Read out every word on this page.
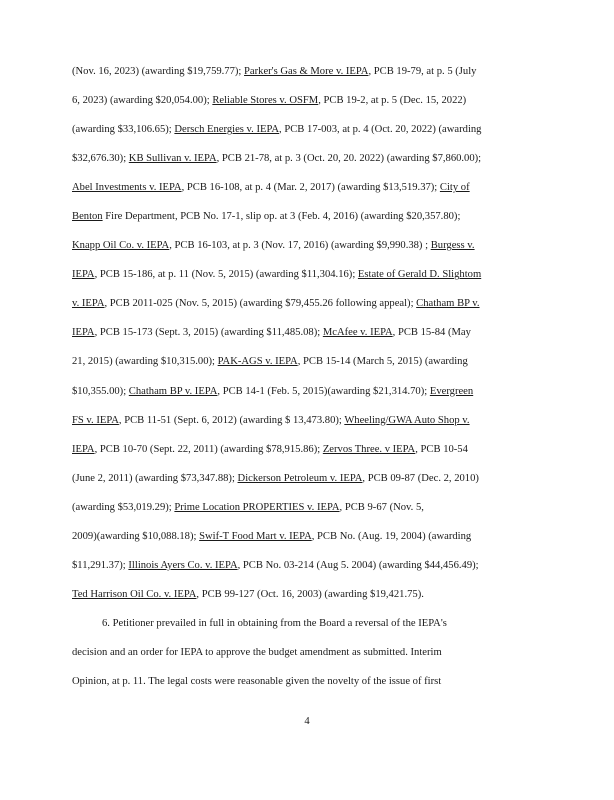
(Nov. 16, 2023) (awarding $19,759.77); Parker's Gas & More v. IEPA, PCB 19-79, at p. 5 (July
6, 2023) (awarding $20,054.00); Reliable Stores v. OSFM, PCB 19-2, at p. 5 (Dec. 15, 2022)
(awarding $33,106.65); Dersch Energies v. IEPA, PCB 17-003, at p. 4 (Oct. 20, 2022) (awarding
$32,676.30); KB Sullivan v. IEPA, PCB 21-78, at p. 3 (Oct. 20, 20. 2022) (awarding $7,860.00);
Abel Investments v. IEPA, PCB 16-108, at p. 4 (Mar. 2, 2017) (awarding $13,519.37); City of
Benton Fire Department, PCB No. 17-1, slip op. at 3 (Feb. 4, 2016) (awarding $20,357.80);
Knapp Oil Co. v. IEPA, PCB 16-103, at p. 3 (Nov. 17, 2016) (awarding $9,990.38) ; Burgess v.
IEPA, PCB 15-186, at p. 11 (Nov. 5, 2015) (awarding $11,304.16); Estate of Gerald D. Slightom
v. IEPA, PCB 2011-025 (Nov. 5, 2015) (awarding $79,455.26 following appeal); Chatham BP v.
IEPA, PCB 15-173 (Sept. 3, 2015) (awarding $11,485.08); McAfee v. IEPA, PCB 15-84 (May
21, 2015) (awarding $10,315.00); PAK-AGS v. IEPA, PCB 15-14 (March 5, 2015) (awarding
$10,355.00); Chatham BP v. IEPA, PCB 14-1 (Feb. 5, 2015)(awarding $21,314.70); Evergreen
FS v. IEPA, PCB 11-51 (Sept. 6, 2012) (awarding $ 13,473.80); Wheeling/GWA Auto Shop v.
IEPA, PCB 10-70 (Sept. 22, 2011) (awarding $78,915.86); Zervos Three. v IEPA, PCB 10-54
(June 2, 2011) (awarding $73,347.88); Dickerson Petroleum v. IEPA, PCB 09-87 (Dec. 2, 2010)
(awarding $53,019.29); Prime Location PROPERTIES v. IEPA, PCB 9-67 (Nov. 5,
2009)(awarding $10,088.18); Swif-T Food Mart v. IEPA, PCB No. (Aug. 19, 2004) (awarding
$11,291.37); Illinois Ayers Co. v. IEPA, PCB No. 03-214 (Aug 5. 2004) (awarding $44,456.49);
Ted Harrison Oil Co. v. IEPA, PCB 99-127 (Oct. 16, 2003) (awarding $19,421.75).
6. Petitioner prevailed in full in obtaining from the Board a reversal of the IEPA's
decision and an order for IEPA to approve the budget amendment as submitted. Interim
Opinion, at p. 11. The legal costs were reasonable given the novelty of the issue of first
4
